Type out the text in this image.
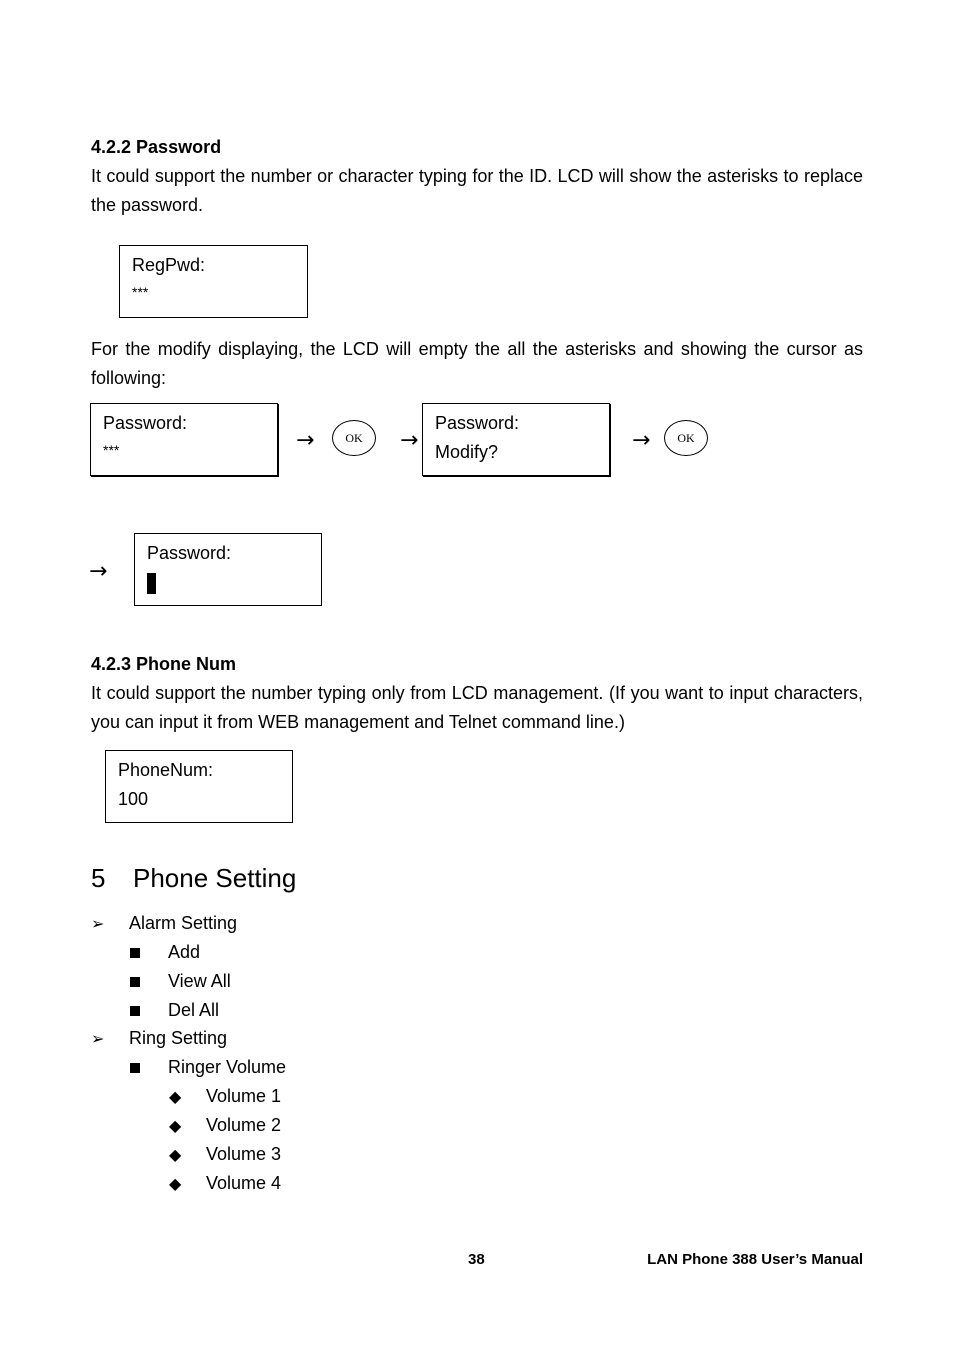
4.2.2 Password
It could support the number or character typing for the ID. LCD will show the asterisks to replace the password.
RegPwd:
***
For the modify displaying, the LCD will empty the all the asterisks and showing the cursor as following:
Password:
***	→	OK	→
Password:
Modify?	→	OK
→
Password:
4.2.3 Phone Num
It could support the number typing only from LCD management. (If you want to input characters, you can input it from WEB management and Telnet command line.)
PhoneNum:
100
5 Phone Setting
➢ Alarm Setting
Add
View All
Del All
➢ Ring Setting
Ringer Volume
◆ Volume 1
◆ Volume 2
◆ Volume 3
◆ Volume 4
38	LAN Phone 388 User’s Manual
